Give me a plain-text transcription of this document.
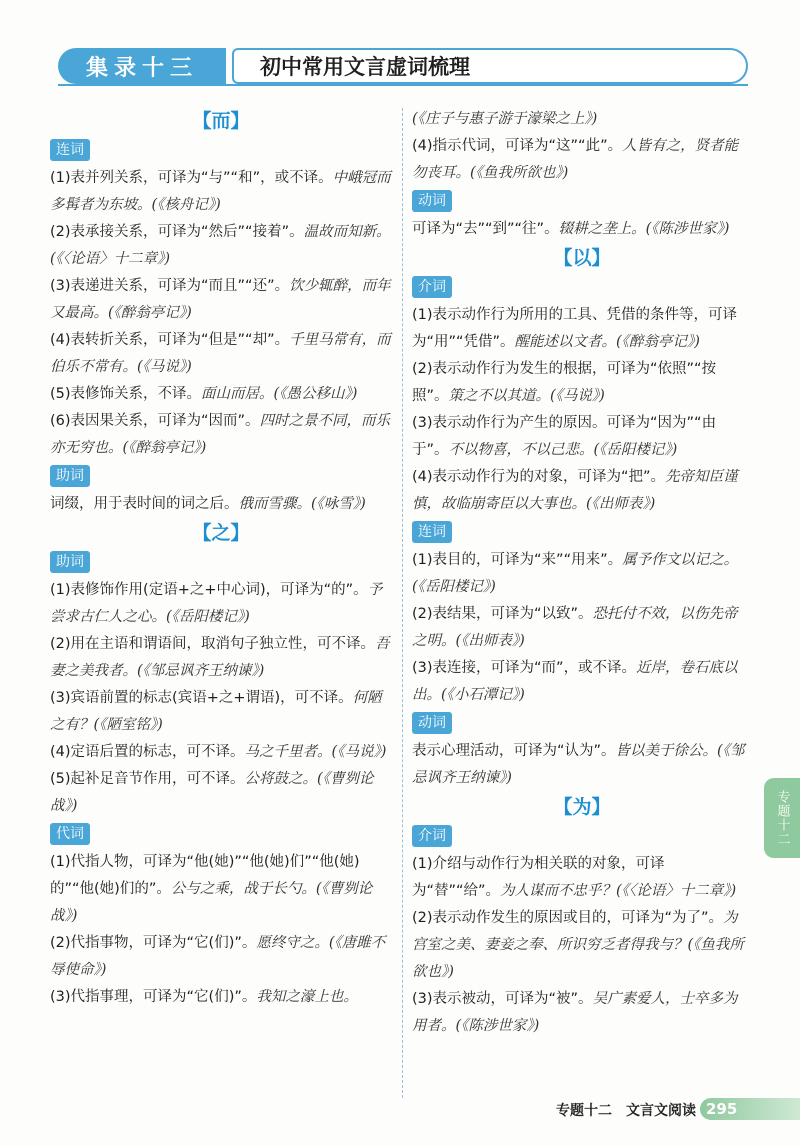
集录十三	初中常用文言虚词梳理
【而】
连词

(1)表并列关系，可译为“与”“和”，或不译。中峨冠而多髯者为东坡。(《核舟记》)

(2)表承接关系，可译为“然后”“接着”。温故而知新。(《〈论语〉十二章》)

(3)表递进关系，可译为“而且”“还”。饮少辄醉，而年又最高。(《醉翁亭记》)

(4)表转折关系，可译为“但是”“却”。千里马常有，而伯乐不常有。(《马说》)

(5)表修饰关系，不译。面山而居。(《愚公移山》)

(6)表因果关系，可译为“因而”。四时之景不同，而乐亦无穷也。(《醉翁亭记》)

助词

词缀，用于表时间的词之后。俄而雪骤。(《咏雪》)

【之】
助词

(1)表修饰作用(定语+之+中心词)，可译为“的”。予尝求古仁人之心。(《岳阳楼记》)

(2)用在主语和谓语间，取消句子独立性，可不译。吾妻之美我者。(《邹忌讽齐王纳谏》)

(3)宾语前置的标志(宾语+之+谓语)，可不译。何陋之有？(《陋室铭》)

(4)定语后置的标志，可不译。马之千里者。(《马说》)

(5)起补足音节作用，可不译。公将鼓之。(《曹刿论战》)

代词

(1)代指人物，可译为“他(她)”“他(她)们”“他(她)的”“他(她)们的”。公与之乘，战于长勺。(《曹刿论战》)

(2)代指事物，可译为“它(们)”。愿终守之。(《唐雎不辱使命》)

(3)代指事理，可译为“它(们)”。我知之濠上也。

(《庄子与惠子游于濠梁之上》)

(4)指示代词，可译为“这”“此”。人皆有之，贤者能勿丧耳。(《鱼我所欲也》)

动词

可译为“去”“到”“往”。辍耕之垄上。(《陈涉世家》)

【以】
介词

(1)表示动作行为所用的工具、凭借的条件等，可译为“用”“凭借”。醒能述以文者。(《醉翁亭记》)

(2)表示动作行为发生的根据，可译为“依照”“按照”。策之不以其道。(《马说》)

(3)表示动作行为产生的原因。可译为“因为”“由于”。不以物喜，不以己悲。(《岳阳楼记》)

(4)表示动作行为的对象，可译为“把”。先帝知臣谨慎，故临崩寄臣以大事也。(《出师表》)

连词

(1)表目的，可译为“来”“用来”。属予作文以记之。(《岳阳楼记》)

(2)表结果，可译为“以致”。恐托付不效，以伤先帝之明。(《出师表》)

(3)表连接，可译为“而”，或不译。近岸，卷石底以出。(《小石潭记》)

动词

表示心理活动，可译为“认为”。皆以美于徐公。(《邹忌讽齐王纳谏》)

【为】
介词

(1)介绍与动作行为相关联的对象，可译为“替”“给”。为人谋而不忠乎？(《〈论语〉十二章》)

(2)表示动作发生的原因或目的，可译为“为了”。为宫室之美、妻妾之奉、所识穷乏者得我与？(《鱼我所欲也》)

(3)表示被动，可译为“被”。吴广素爱人，士卒多为用者。(《陈涉世家》)

专题十二
专题十二　文言文阅读 295
